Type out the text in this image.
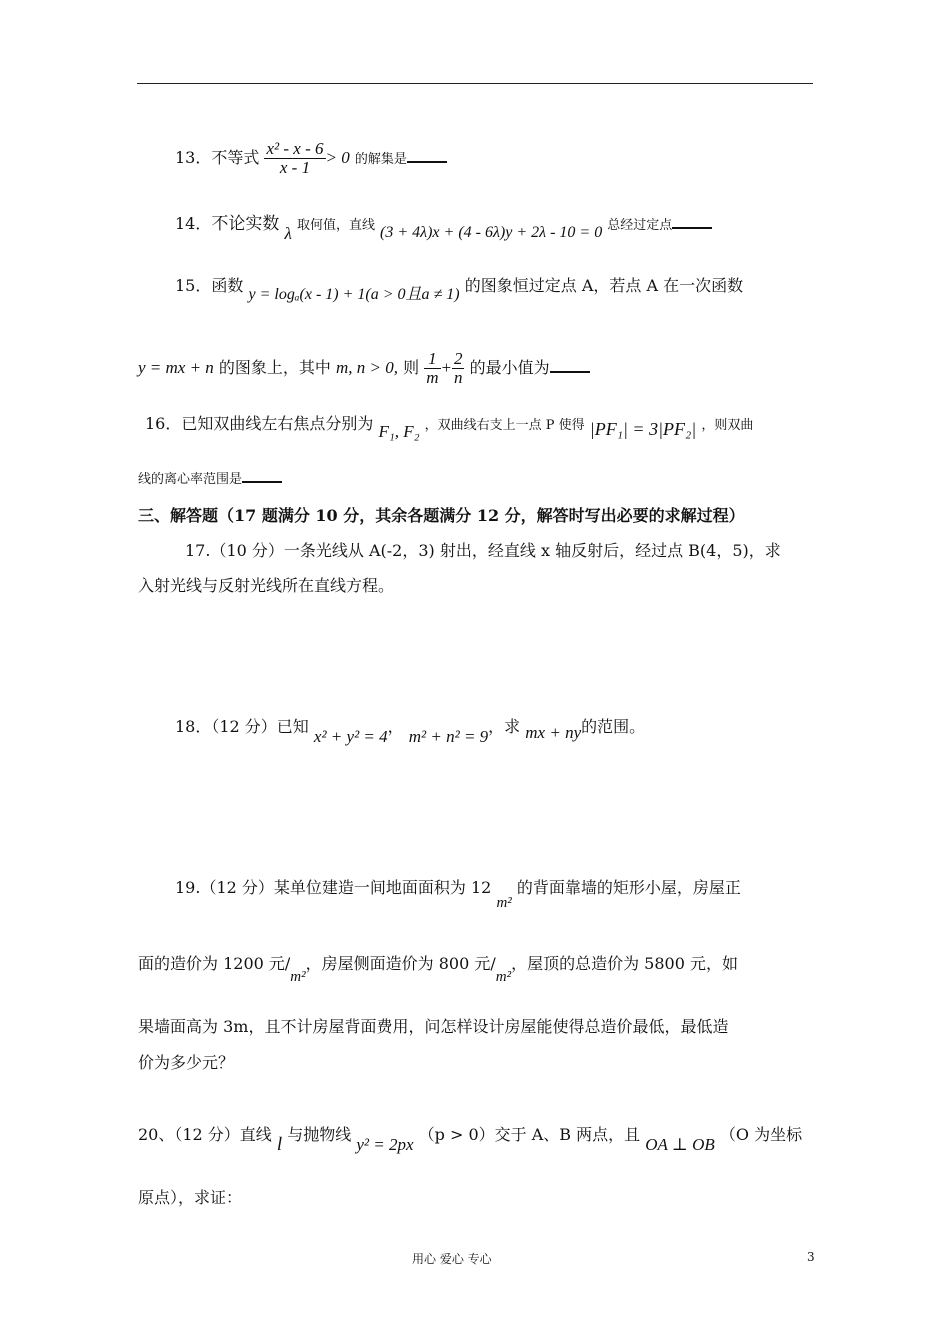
13．不等式 $\frac{\text{x² - x - 6}}{x - 1} > 0$ 的解集是
14．不论实数 λ 取何值，直线 (3 + 4λ)x + (4 - 6λ)y + 2λ - 10 = 0 总经过定点
15．函数 y = logₐ(x - 1) + 1(a > 0且a ≠ 1) 的图象恒过定点 A，若点 A 在一次函数
y = mx + n 的图象上，其中 m, n > 0, 则 $\frac{1}{m} + \frac{2}{n}$ 的最小值为
16．已知双曲线左右焦点分别为 F₁, F₂ ，双曲线右支上一点 P 使得 |PF₁| = 3|PF₂| ，则双曲
线的离心率范围是
三、解答题（17 题满分 10 分，其余各题满分 12 分，解答时写出必要的求解过程）
17.（10 分）一条光线从 A(-2，3) 射出，经直线 x 轴反射后，经过点 B(4，5)，求
入射光线与反射光线所在直线方程。
18．（12 分）已知 x² + y² = 4， m² + n² = 9，求 mx + ny的范围。
19.（12 分）某单位建造一间地面面积为 12 m² 的背面靠墙的矩形小屋，房屋正
面的造价为 1200 元/m²，房屋侧面造价为 800 元/m²，屋顶的总造价为 5800 元，如
果墙面高为 3m，且不计房屋背面费用，问怎样设计房屋能使得总造价最低，最低造
价为多少元？
20、（12 分）直线 l 与抛物线 y² = 2px （p > 0）交于 A、B 两点，且 OA ⊥ OB （O 为坐标
原点），求证：
用心 爱心 专心	3
